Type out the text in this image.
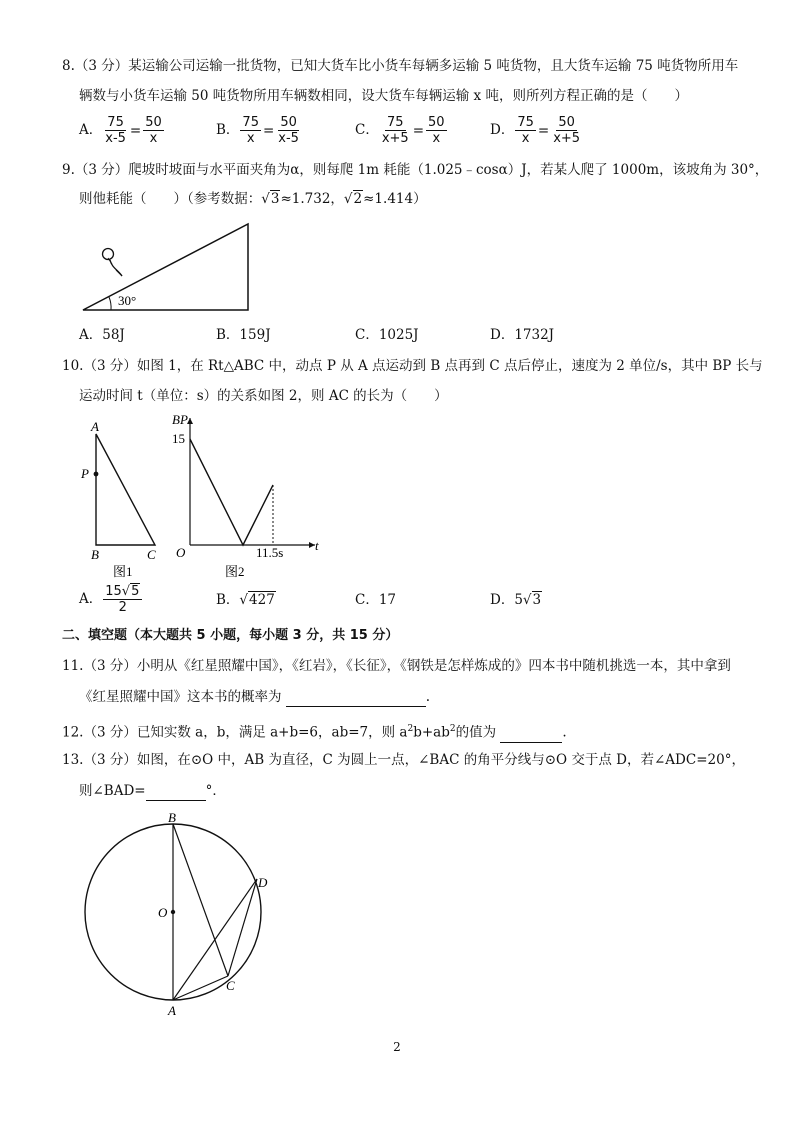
8.（3 分）某运输公司运输一批货物，已知大货车比小货车每辆多运输 5 吨货物，且大货车运输 75 吨货物所用车
辆数与小货车运输 50 吨货物所用车辆数相同，设大货车每辆运输 x 吨，则所列方程正确的是（　　）
A． $\frac{75}{x-5} = \frac{50}{x}$	B． $\frac{75}{x} = \frac{50}{x-5}$	C． $\frac{75}{x+5} = \frac{50}{x}$	D． $\frac{75}{x} = \frac{50}{x+5}$
9.（3 分）爬坡时坡面与水平面夹角为α，则每爬 1m 耗能（1.025﹣cosα）J，若某人爬了 1000m，该坡角为 30°，
则他耗能（　　）（参考数据：√3≈1.732，√2≈1.414）
30°
A．58J	B．159J	C．1025J	D．1732J
10.（3 分）如图 1，在 Rt△ABC 中，动点 P 从 A 点运动到 B 点再到 C 点后停止，速度为 2 单位/s，其中 BP 长与
运动时间 t（单位：s）的关系如图 2，则 AC 的长为（　　）
A
P
B	C
图1
BP
15
O	11.5s t
图2
A． $\frac{15√5}{2}$	B．√427	C．17	D．5√3
二、填空题（本大题共 5 小题，每小题 3 分，共 15 分）
11.（3 分）小明从《红星照耀中国》，《红岩》，《长征》，《钢铁是怎样炼成的》四本书中随机挑选一本，其中拿到
《红星照耀中国》这本书的概率为	.
12.（3 分）已知实数 a，b，满足 a+b=6，ab=7，则 $a^2b+ab^2$的值为	.
13.（3 分）如图，在⊙O 中，AB 为直径，C 为圆上一点，∠BAC 的角平分线与⊙O 交于点 D，若∠ADC=20°，
则∠BAD=	°．
B
D
O
C
A
2
